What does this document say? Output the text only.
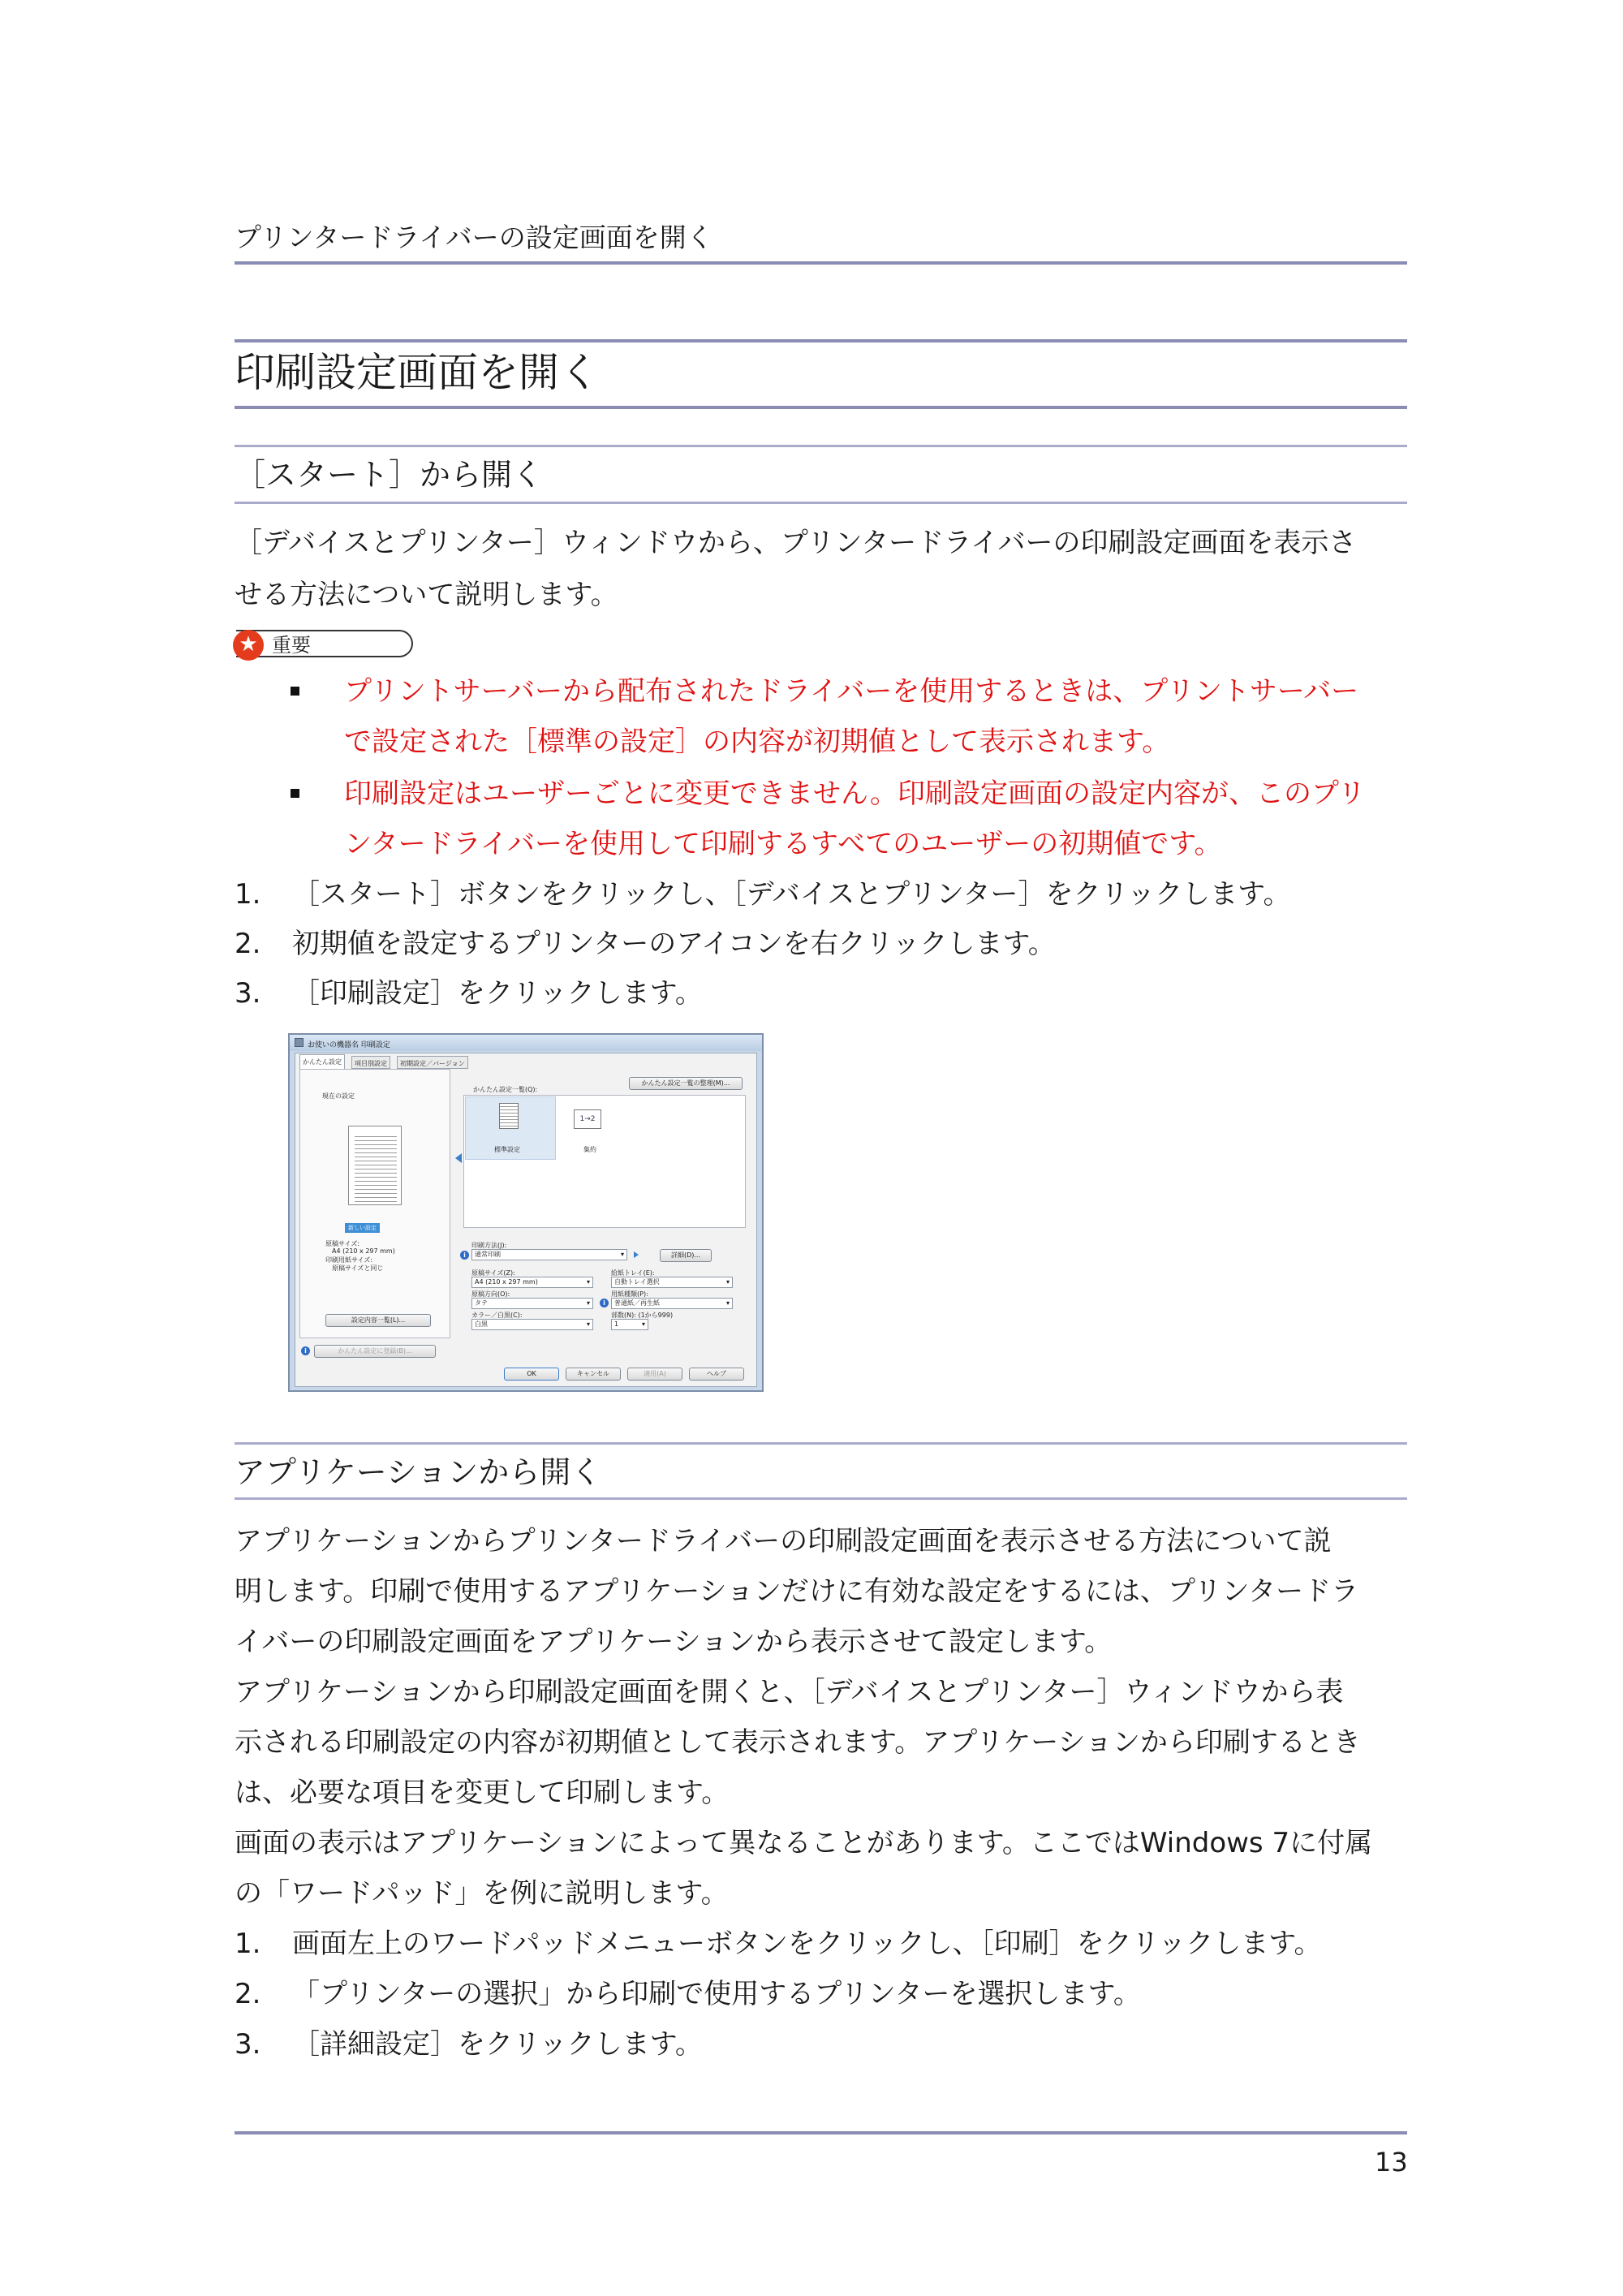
プリンタードライバーの設定画面を開く
印刷設定画面を開く
［スタート］から開く
［デバイスとプリンター］ウィンドウから、プリンタードライバーの印刷設定画面を表示さ
せる方法について説明します。
★ 重要
プリントサーバーから配布されたドライバーを使用するときは、プリントサーバー
で設定された［標準の設定］の内容が初期値として表示されます。
印刷設定はユーザーごとに変更できません。印刷設定画面の設定内容が、このプリ
ンタードライバーを使用して印刷するすべてのユーザーの初期値です。
1. ［スタート］ボタンをクリックし、［デバイスとプリンター］をクリックします。
2. 初期値を設定するプリンターのアイコンを右クリックします。
3. ［印刷設定］をクリックします。
お使いの機器名 印刷設定
かんたん設定	項目別設定	初期設定／バージョン
現在の設定
新しい設定
原稿サイズ:
A4 (210 x 297 mm)
印刷用紙サイズ:
原稿サイズと同じ
設定内容一覧(L)...
かんたん設定一覧(Q):
かんたん設定一覧の整理(M)...
標準設定
1→2
集約
印刷方法(J):
i	通常印刷 ▾	詳細(D)...
原稿サイズ(Z):
A4 (210 x 297 mm) ▾
原稿方向(O):
タテ ▾
カラー／白黒(C):
白黒 ▾
給紙トレイ(E):
自動トレイ選択 ▾
用紙種類(P):
i	普通紙／再生紙 ▾
部数(N): (1から999)
1 ▾
i	かんたん設定に登録(B)...
OK	キャンセル	適用(A)	ヘルプ
アプリケーションから開く
アプリケーションからプリンタードライバーの印刷設定画面を表示させる方法について説
明します。印刷で使用するアプリケーションだけに有効な設定をするには、プリンタードラ
イバーの印刷設定画面をアプリケーションから表示させて設定します。
アプリケーションから印刷設定画面を開くと、［デバイスとプリンター］ウィンドウから表
示される印刷設定の内容が初期値として表示されます。アプリケーションから印刷するとき
は、必要な項目を変更して印刷します。
画面の表示はアプリケーションによって異なることがあります。ここではWindows 7に付属
の「ワードパッド」を例に説明します。
1. 画面左上のワードパッドメニューボタンをクリックし、［印刷］をクリックします。
2. 「プリンターの選択」から印刷で使用するプリンターを選択します。
3. ［詳細設定］をクリックします。
13
